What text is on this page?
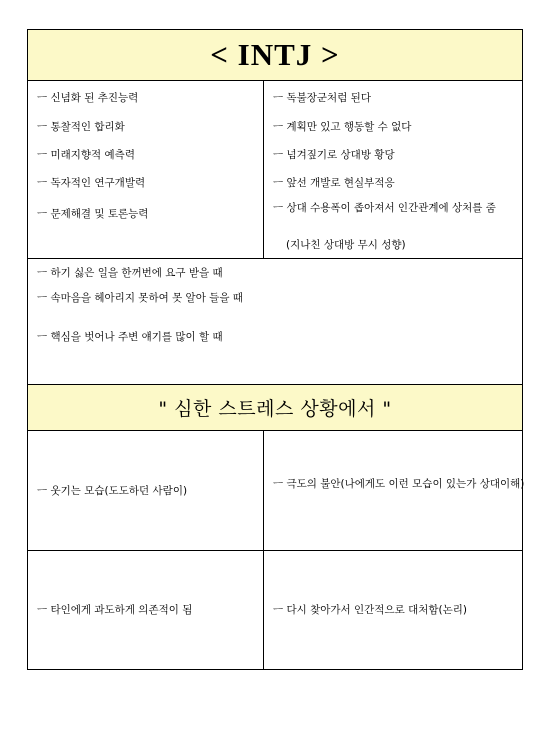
< INTJ >
ㅡ 신념화 된 추진능력
ㅡ 통찰적인 합리화
ㅡ 미래지향적 예측력
ㅡ 독자적인 연구개발력
ㅡ 문제해결 및 토론능력
ㅡ 독불장군처럼 된다
ㅡ 계획만 있고 행동할 수 없다
ㅡ 넘겨짚기로 상대방 황당
ㅡ 앞선 개발로 현실부적응
ㅡ 상대 수용폭이 좁아져서 인간관계에 상처를 줌
(지나친 상대방 무시 성향)
ㅡ 하기 싫은 일을 한꺼번에 요구 받을 때
ㅡ 속마음을 헤아리지 못하여 못 알아 들을 때
ㅡ 핵심을 벗어나 주변 얘기를 많이 할 때
" 심한 스트레스 상황에서 "
ㅡ 웃기는 모습(도도하던 사람이)
ㅡ 극도의 불안(나에게도 이런 모습이 있는가 상대이해)
ㅡ 타인에게 과도하게 의존적이 됨	ㅡ 다시 찾아가서 인간적으로 대처함(논리)
